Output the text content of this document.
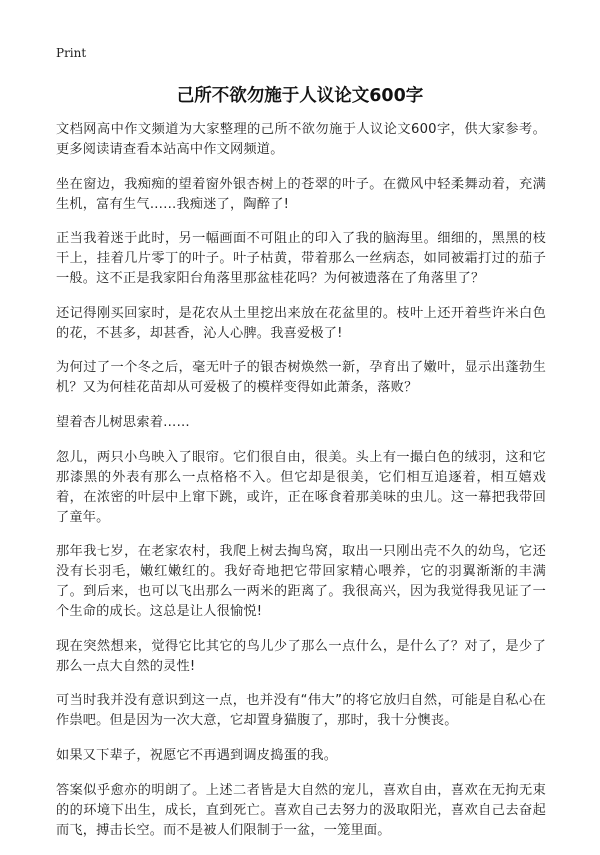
Print
己所不欲勿施于人议论文600字

文档网高中作文频道为大家整理的己所不欲勿施于人议论文600字，供大家参考。更多阅读请查看本站高中作文网频道。

坐在窗边，我痴痴的望着窗外银杏树上的苍翠的叶子。在微风中轻柔舞动着，充满生机，富有生气……我痴迷了，陶醉了!

正当我着迷于此时，另一幅画面不可阻止的印入了我的脑海里。细细的，黑黑的枝干上，挂着几片零丁的叶子。叶子枯黄，带着那么一丝病态，如同被霜打过的茄子一般。这不正是我家阳台角落里那盆桂花吗？为何被遗落在了角落里了？

还记得刚买回家时，是花农从土里挖出来放在花盆里的。枝叶上还开着些许米白色的花，不甚多，却甚香，沁人心脾。我喜爱极了!

为何过了一个冬之后，毫无叶子的银杏树焕然一新，孕育出了嫩叶，显示出蓬勃生机？又为何桂花苗却从可爱极了的模样变得如此萧条，落败？

望着杏儿树思索着……

忽儿，两只小鸟映入了眼帘。它们很自由，很美。头上有一撮白色的绒羽，这和它那漆黑的外表有那么一点格格不入。但它却是很美，它们相互追逐着，相互嬉戏着，在浓密的叶层中上窜下跳，或许，正在啄食着那美味的虫儿。这一幕把我带回了童年。

那年我七岁，在老家农村，我爬上树去掏鸟窝，取出一只刚出壳不久的幼鸟，它还没有长羽毛，嫩红嫩红的。我好奇地把它带回家精心喂养，它的羽翼渐渐的丰满了。到后来，也可以飞出那么一两米的距离了。我很高兴，因为我觉得我见证了一个生命的成长。这总是让人很愉悦!

现在突然想来，觉得它比其它的鸟儿少了那么一点什么，是什么了？对了，是少了那么一点大自然的灵性!

可当时我并没有意识到这一点，也并没有“伟大”的将它放归自然，可能是自私心在作祟吧。但是因为一次大意，它却置身猫腹了，那时，我十分懊丧。

如果又下辈子，祝愿它不再遇到调皮捣蛋的我。

答案似乎愈亦的明朗了。上述二者皆是大自然的宠儿，喜欢自由，喜欢在无拘无束的的环境下出生，成长，直到死亡。喜欢自己去努力的汲取阳光，喜欢自己去奋起而飞，搏击长空。而不是被人们限制于一盆，一笼里面。
